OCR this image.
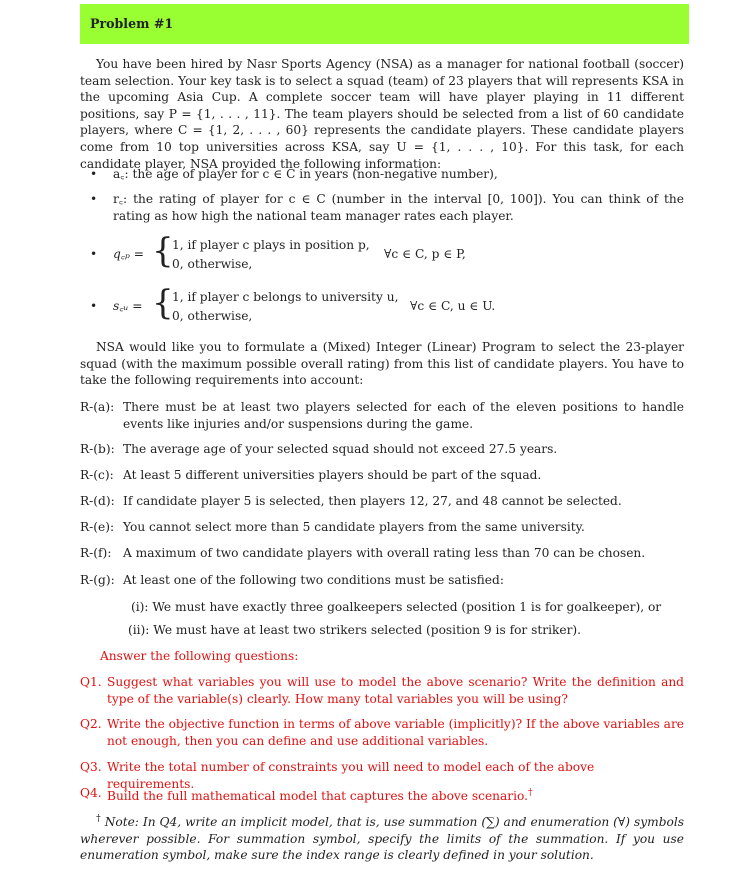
Problem #1
You have been hired by Nasr Sports Agency (NSA) as a manager for national football (soccer) team selection. Your key task is to select a squad (team) of 23 players that will represents KSA in the upcoming Asia Cup. A complete soccer team will have player playing in 11 different positions, say P = {1, . . . , 11}. The team players should be selected from a list of 60 candidate players, where C = {1, 2, . . . , 60} represents the candidate players. These candidate players come from 10 top universities across KSA, say U = {1, . . . , 10}. For this task, for each candidate player, NSA provided the following information:
• a꜀: the age of player for c ∈ C in years (non-negative number),
• r꜀: the rating of player for c ∈ C (number in the interval [0, 100]). You can think of the rating as how high the national team manager rates each player.
• q꜀ₚ = {
1, if player c plays in position p,
0, otherwise,
∀c ∈ C, p ∈ P,
• s꜀ᵤ = {
1, if player c belongs to university u,
0, otherwise,
∀c ∈ C, u ∈ U.
NSA would like you to formulate a (Mixed) Integer (Linear) Program to select the 23-player squad (with the maximum possible overall rating) from this list of candidate players. You have to take the following requirements into account:
R-(a): There must be at least two players selected for each of the eleven positions to handle events like injuries and/or suspensions during the game.
R-(b): The average age of your selected squad should not exceed 27.5 years.
R-(c): At least 5 different universities players should be part of the squad.
R-(d): If candidate player 5 is selected, then players 12, 27, and 48 cannot be selected.
R-(e): You cannot select more than 5 candidate players from the same university.
R-(f): A maximum of two candidate players with overall rating less than 70 can be chosen.
R-(g): At least one of the following two conditions must be satisfied:
(i): We must have exactly three goalkeepers selected (position 1 is for goalkeeper), or
(ii): We must have at least two strikers selected (position 9 is for striker).
Answer the following questions:
Q1. Suggest what variables you will use to model the above scenario? Write the definition and type of the variable(s) clearly. How many total variables you will be using?
Q2. Write the objective function in terms of above variable (implicitly)? If the above variables are not enough, then you can define and use additional variables.
Q3. Write the total number of constraints you will need to model each of the above requirements.
Q4. Build the full mathematical model that captures the above scenario.†
† Note: In Q4, write an implicit model, that is, use summation (∑) and enumeration (∀) symbols wherever possible. For summation symbol, specify the limits of the summation. If you use enumeration symbol, make sure the index range is clearly defined in your solution.
